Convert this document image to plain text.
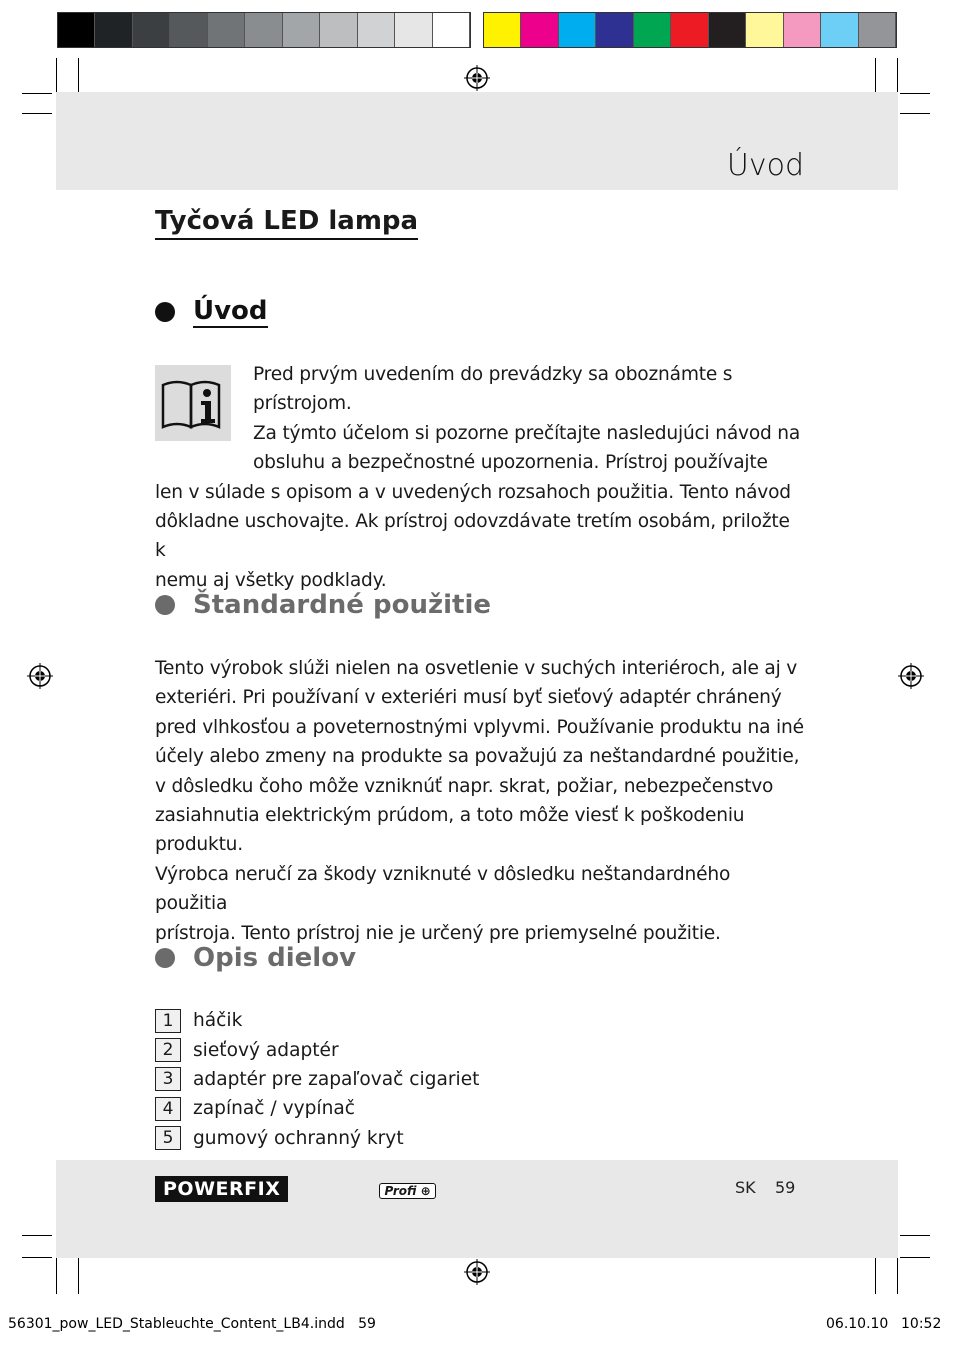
Úvod
Tyčová LED lampa
Úvod
Pred prvým uvedením do prevádzky sa oboznámte s prístrojom.
Za týmto účelom si pozorne prečítajte nasledujúci návod na
obsluhu a bezpečnostné upozornenia. Prístroj používajte
len v súlade s opisom a v uvedených rozsahoch použitia. Tento návod
dôkladne uschovajte. Ak prístroj odovzdávate tretím osobám, priložte k
nemu aj všetky podklady.
Štandardné použitie
Tento výrobok slúži nielen na osvetlenie v suchých interiéroch, ale aj v
exteriéri. Pri používaní v exteriéri musí byť sieťový adaptér chránený
pred vlhkosťou a poveternostnými vplyvmi. Používanie produktu na iné
účely alebo zmeny na produkte sa považujú za neštandardné použitie,
v dôsledku čoho môže vzniknúť napr. skrat, požiar, nebezpečenstvo
zasiahnutia elektrickým prúdom, a toto môže viesť k poškodeniu produktu.
Výrobca neručí za škody vzniknuté v dôsledku neštandardného použitia
prístroja. Tento prístroj nie je určený pre priemyselné použitie.
Opis dielov
1	háčik
2	sieťový adaptér
3	adaptér pre zapaľovač cigariet
4	zapínač / vypínač
5	gumový ochranný kryt
POWERFIX	Profi ⊕	SK 59
56301_pow_LED_Stableuchte_Content_LB4.indd   59	06.10.10 10:52
